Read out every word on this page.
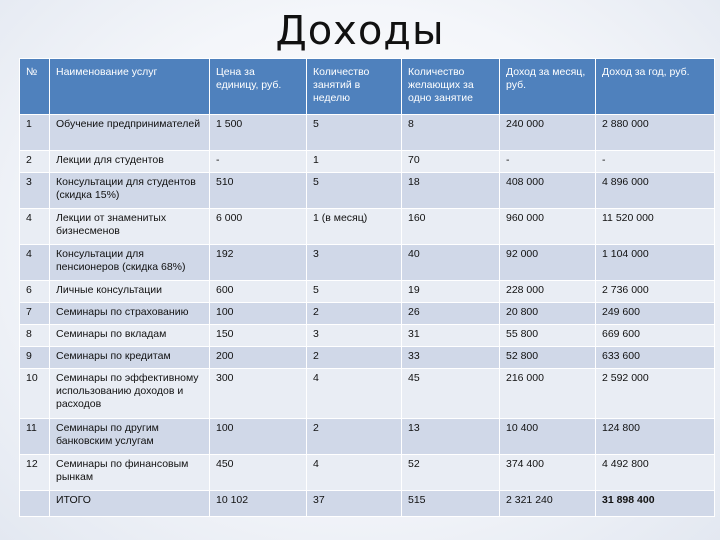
Доходы
№	Наименование услуг	Цена за единицу, руб.	Количество занятий в неделю	Количество желающих за одно занятие	Доход за месяц, руб.	Доход за год, руб.
1	Обучение предпринимателей	1 500	5	8	240 000	2 880 000
2	Лекции для студентов	-	1	70	-	-
3	Консультации для студентов (скидка 15%)	510	5	18	408 000	4 896 000
4	Лекции от знаменитых бизнесменов	6 000	1 (в месяц)	160	960 000	11 520 000
4	Консультации для пенсионеров (скидка 68%)	192	3	40	92 000	1 104 000
6	Личные консультации	600	5	19	228 000	2 736 000
7	Семинары по страхованию	100	2	26	20 800	249 600
8	Семинары по вкладам	150	3	31	55 800	669 600
9	Семинары по кредитам	200	2	33	52 800	633 600
10	Семинары по эффективному использованию доходов и расходов	300	4	45	216 000	2 592 000
11	Семинары по другим банковским услугам	100	2	13	10 400	124 800
12	Семинары по финансовым рынкам	450	4	52	374 400	4 492 800
	ИТОГО	10 102	37	515	2 321 240	31 898 400
